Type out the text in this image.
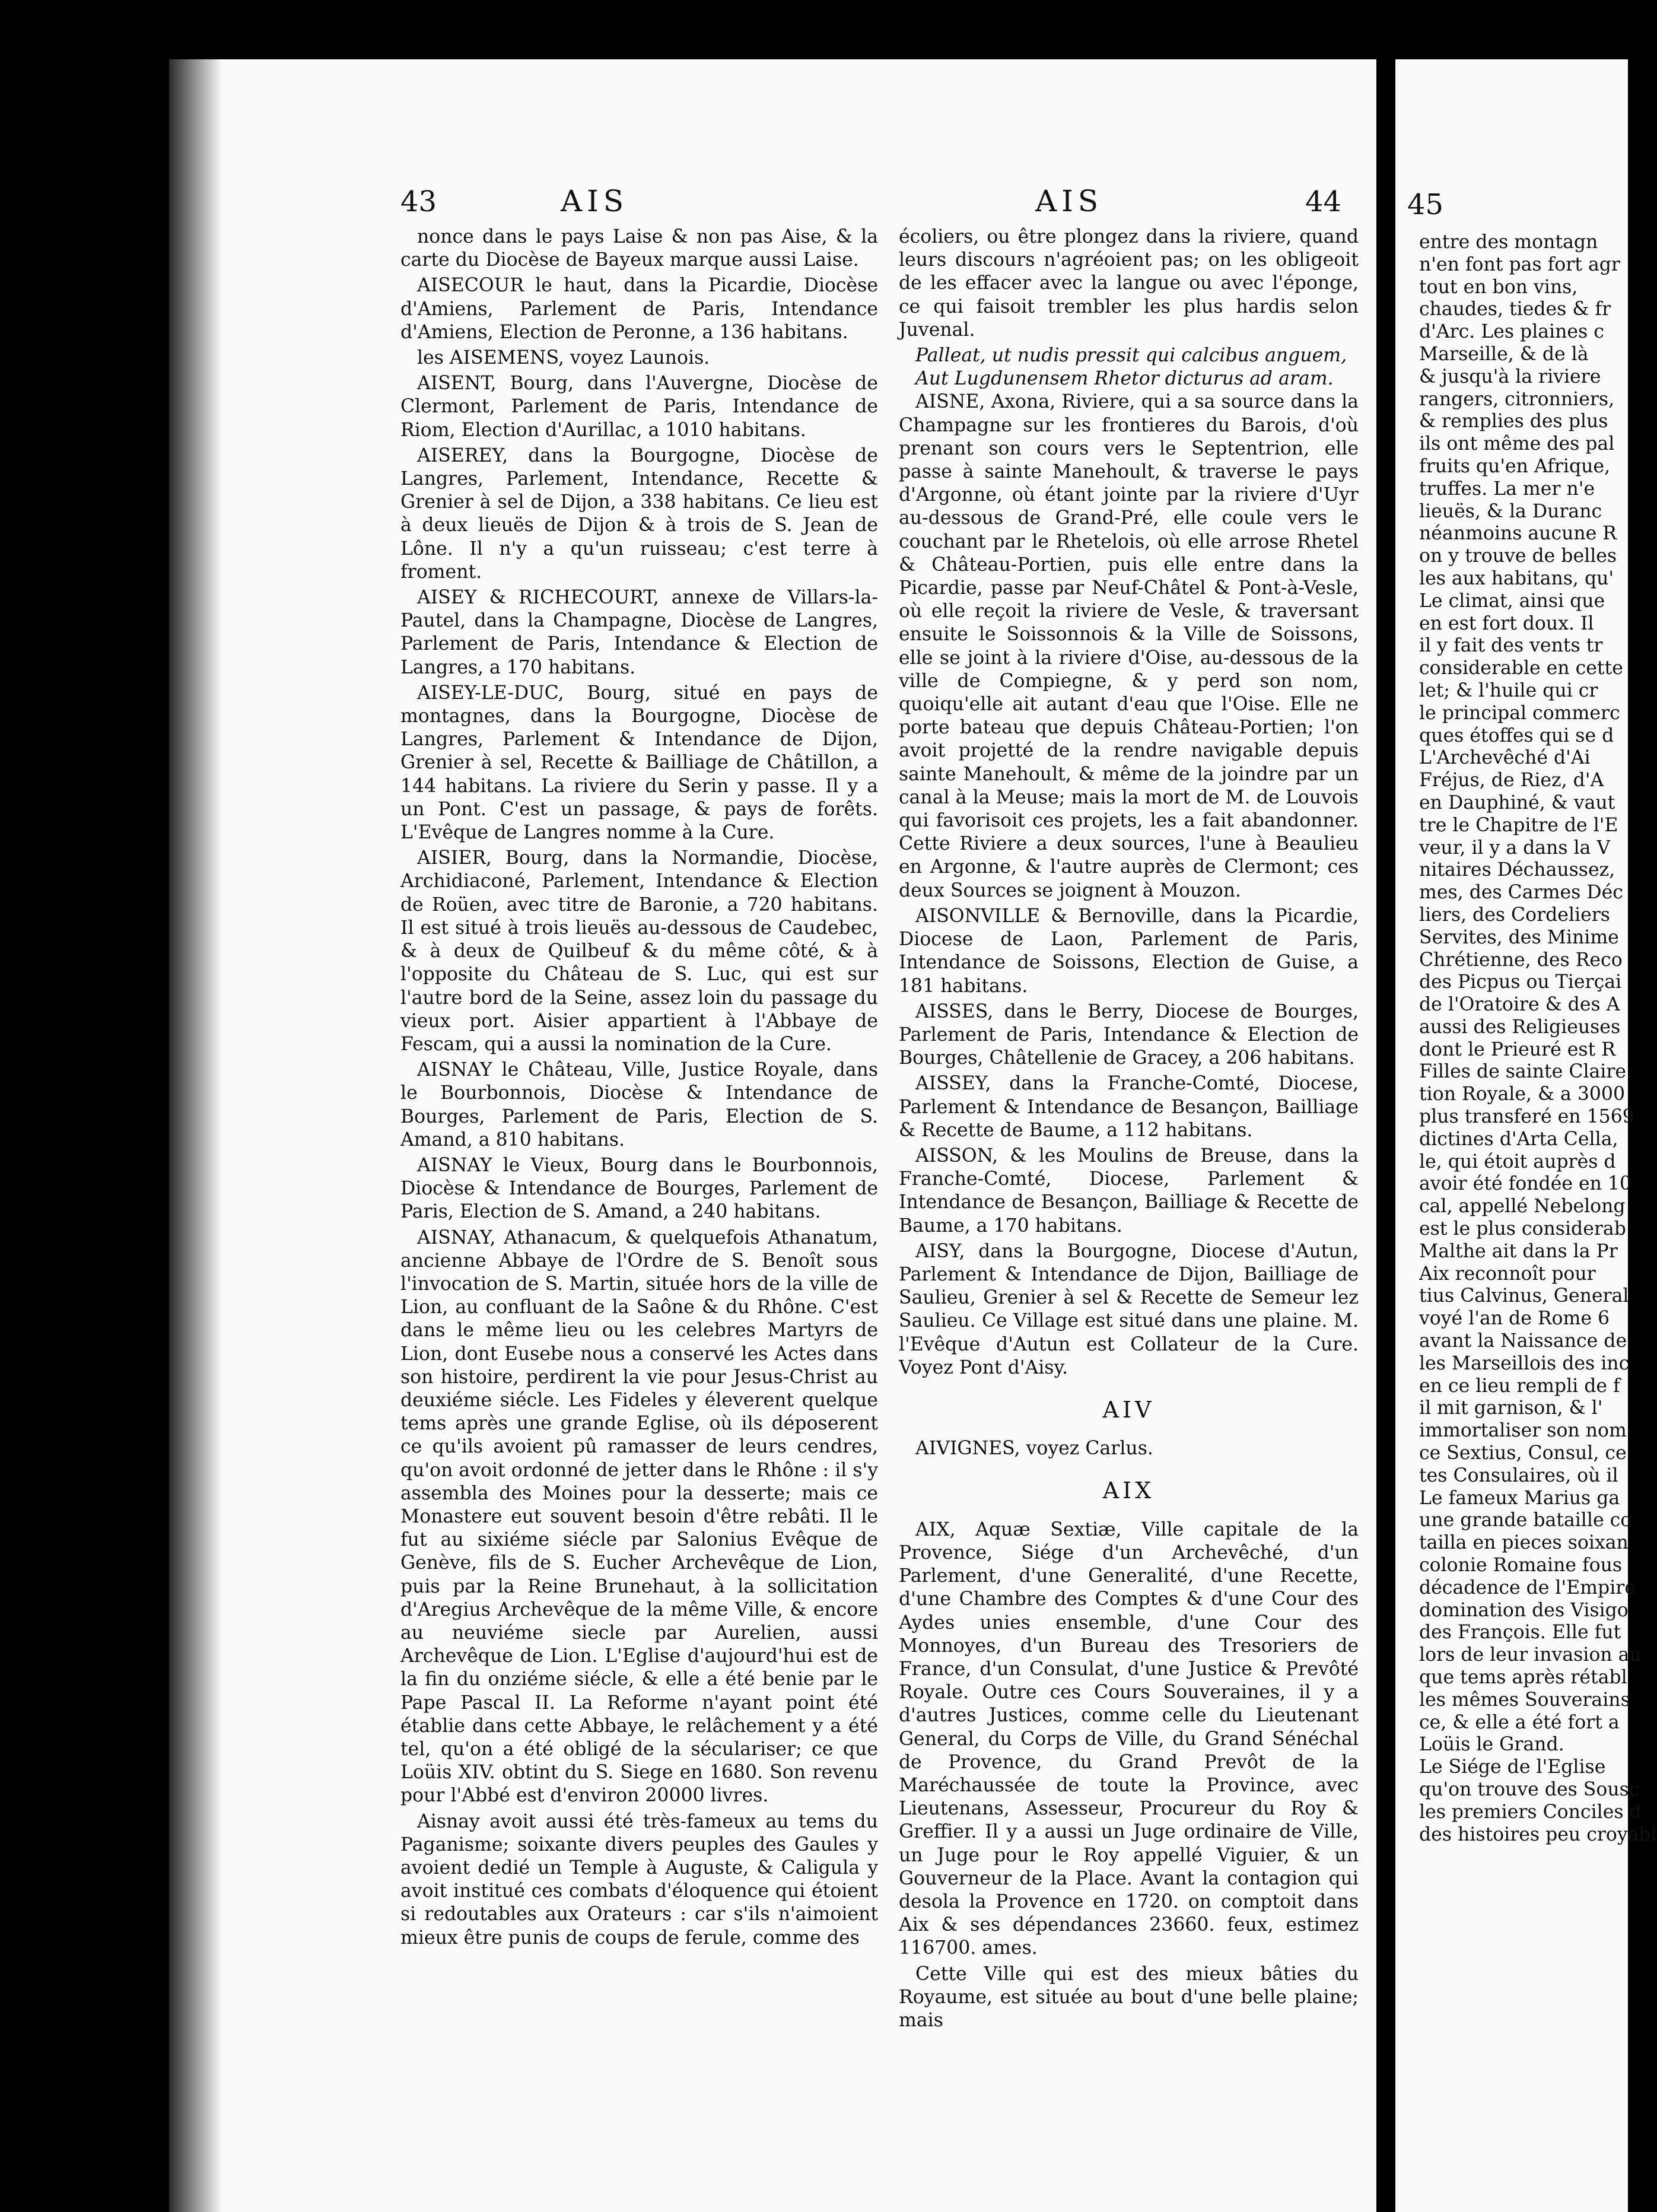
43	AIS	AIS	44

nonce dans le pays Laise & non pas Aise, & la carte du Diocèse de Bayeux marque aussi Laise.

AISECOUR le haut, dans la Picardie, Diocèse d'Amiens, Parlement de Paris, Intendance d'Amiens, Election de Peronne, a 136 habitans.

les AISEMENS, voyez Launois.

AISENT, Bourg, dans l'Auvergne, Diocèse de Clermont, Parlement de Paris, Intendance de Riom, Election d'Aurillac, a 1010 habitans.

AISEREY, dans la Bourgogne, Diocèse de Langres, Parlement, Intendance, Recette & Grenier à sel de Dijon, a 338 habitans. Ce lieu est à deux lieuës de Dijon & à trois de S. Jean de Lône. Il n'y a qu'un ruisseau; c'est terre à froment.

AISEY & RICHECOURT, annexe de Villars-la-Pautel, dans la Champagne, Diocèse de Langres, Parlement de Paris, Intendance & Election de Langres, a 170 habitans.

AISEY-LE-DUC, Bourg, situé en pays de montagnes, dans la Bourgogne, Diocèse de Langres, Parlement & Intendance de Dijon, Grenier à sel, Recette & Bailliage de Châtillon, a 144 habitans. La riviere du Serin y passe. Il y a un Pont. C'est un passage, & pays de forêts. L'Evêque de Langres nomme à la Cure.

AISIER, Bourg, dans la Normandie, Diocèse, Archidiaconé, Parlement, Intendance & Election de Roüen, avec titre de Baronie, a 720 habitans. Il est situé à trois lieuës au-dessous de Caudebec, & à deux de Quilbeuf & du même côté, & à l'opposite du Château de S. Luc, qui est sur l'autre bord de la Seine, assez loin du passage du vieux port. Aisier appartient à l'Abbaye de Fescam, qui a aussi la nomination de la Cure.

AISNAY le Château, Ville, Justice Royale, dans le Bourbonnois, Diocèse & Intendance de Bourges, Parlement de Paris, Election de S. Amand, a 810 habitans.

AISNAY le Vieux, Bourg dans le Bourbonnois, Diocèse & Intendance de Bourges, Parlement de Paris, Election de S. Amand, a 240 habitans.

AISNAY, Athanacum, & quelquefois Athanatum, ancienne Abbaye de l'Ordre de S. Benoît sous l'invocation de S. Martin, située hors de la ville de Lion, au confluant de la Saône & du Rhône. C'est dans le même lieu ou les celebres Martyrs de Lion, dont Eusebe nous a conservé les Actes dans son histoire, perdirent la vie pour Jesus-Christ au deuxiéme siécle. Les Fideles y éleverent quelque tems après une grande Eglise, où ils déposerent ce qu'ils avoient pû ramasser de leurs cendres, qu'on avoit ordonné de jetter dans le Rhône : il s'y assembla des Moines pour la desserte; mais ce Monastere eut souvent besoin d'être rebâti. Il le fut au sixiéme siécle par Salonius Evêque de Genève, fils de S. Eucher Archevêque de Lion, puis par la Reine Brunehaut, à la sollicitation d'Aregius Archevêque de la même Ville, & encore au neuviéme siecle par Aurelien, aussi Archevêque de Lion. L'Eglise d'aujourd'hui est de la fin du onziéme siécle, & elle a été benie par le Pape Pascal II. La Reforme n'ayant point été établie dans cette Abbaye, le relâchement y a été tel, qu'on a été obligé de la séculariser; ce que Loüis XIV. obtint du S. Siege en 1680. Son revenu pour l'Abbé est d'environ 20000 livres.

Aisnay avoit aussi été très-fameux au tems du Paganisme; soixante divers peuples des Gaules y avoient dedié un Temple à Auguste, & Caligula y avoit institué ces combats d'éloquence qui étoient si redoutables aux Orateurs : car s'ils n'aimoient mieux être punis de coups de ferule, comme des

écoliers, ou être plongez dans la riviere, quand leurs discours n'agréoient pas; on les obligeoit de les effacer avec la langue ou avec l'éponge, ce qui faisoit trembler les plus hardis selon Juvenal.

Palleat, ut nudis pressit qui calcibus anguem,

Aut Lugdunensem Rhetor dicturus ad aram.

AISNE, Axona, Riviere, qui a sa source dans la Champagne sur les frontieres du Barois, d'où prenant son cours vers le Septentrion, elle passe à sainte Manehoult, & traverse le pays d'Argonne, où étant jointe par la riviere d'Uyr au-dessous de Grand-Pré, elle coule vers le couchant par le Rhetelois, où elle arrose Rhetel & Château-Portien, puis elle entre dans la Picardie, passe par Neuf-Châtel & Pont-à-Vesle, où elle reçoit la riviere de Vesle, & traversant ensuite le Soissonnois & la Ville de Soissons, elle se joint à la riviere d'Oise, au-dessous de la ville de Compiegne, & y perd son nom, quoiqu'elle ait autant d'eau que l'Oise. Elle ne porte bateau que depuis Château-Portien; l'on avoit projetté de la rendre navigable depuis sainte Manehoult, & même de la joindre par un canal à la Meuse; mais la mort de M. de Louvois qui favorisoit ces projets, les a fait abandonner. Cette Riviere a deux sources, l'une à Beaulieu en Argonne, & l'autre auprès de Clermont; ces deux Sources se joignent à Mouzon.

AISONVILLE & Bernoville, dans la Picardie, Diocese de Laon, Parlement de Paris, Intendance de Soissons, Election de Guise, a 181 habitans.

AISSES, dans le Berry, Diocese de Bourges, Parlement de Paris, Intendance & Election de Bourges, Châtellenie de Gracey, a 206 habitans.

AISSEY, dans la Franche-Comté, Diocese, Parlement & Intendance de Besançon, Bailliage & Recette de Baume, a 112 habitans.

AISSON, & les Moulins de Breuse, dans la Franche-Comté, Diocese, Parlement & Intendance de Besançon, Bailliage & Recette de Baume, a 170 habitans.

AISY, dans la Bourgogne, Diocese d'Autun, Parlement & Intendance de Dijon, Bailliage de Saulieu, Grenier à sel & Recette de Semeur lez Saulieu. Ce Village est situé dans une plaine. M. l'Evêque d'Autun est Collateur de la Cure. Voyez Pont d'Aisy.

AIV

AIVIGNES, voyez Carlus.

AIX

AIX, Aquæ Sextiæ, Ville capitale de la Provence, Siége d'un Archevêché, d'un Parlement, d'une Generalité, d'une Recette, d'une Chambre des Comptes & d'une Cour des Aydes unies ensemble, d'une Cour des Monnoyes, d'un Bureau des Tresoriers de France, d'un Consulat, d'une Justice & Prevôté Royale. Outre ces Cours Souveraines, il y a d'autres Justices, comme celle du Lieutenant General, du Corps de Ville, du Grand Sénéchal de Provence, du Grand Prevôt de la Maréchaussée de toute la Province, avec Lieutenans, Assesseur, Procureur du Roy & Greffier. Il y a aussi un Juge ordinaire de Ville, un Juge pour le Roy appellé Viguier, & un Gouverneur de la Place. Avant la contagion qui desola la Provence en 1720. on comptoit dans Aix & ses dépendances 23660. feux, estimez 116700. ames.

Cette Ville qui est des mieux bâties du Royaume, est située au bout d'une belle plaine; mais

45

entre des montagn

n'en font pas fort agr

tout en bon vins,

chaudes, tiedes & fr

d'Arc. Les plaines c

Marseille, & de là

& jusqu'à la riviere

rangers, citronniers,

& remplies des plus

ils ont même des pal

fruits qu'en Afrique,

truffes. La mer n'e

lieuës, & la Duranc

néanmoins aucune R

on y trouve de belles

les aux habitans, qu'

Le climat, ainsi que

en est fort doux. Il

il y fait des vents tr

considerable en cette

let; & l'huile qui cr

le principal commerc

ques étoffes qui se d

L'Archevêché d'Ai

Fréjus, de Riez, d'A

en Dauphiné, & vaut

tre le Chapitre de l'E

veur, il y a dans la V

nitaires Déchaussez,

mes, des Carmes Déc

liers, des Cordeliers

Servites, des Minime

Chrétienne, des Reco

des Picpus ou Tierçai

de l'Oratoire & des A

aussi des Religieuses

dont le Prieuré est R

Filles de sainte Claire.

tion Royale, & a 3000

plus transferé en 1569

dictines d'Arta Cella,

le, qui étoit auprès d

avoir été fondée en 10

cal, appellé Nebelong

est le plus considerab

Malthe ait dans la Pr

Aix reconnoît pour

tius Calvinus, General

voyé l'an de Rome 6

avant la Naissance de

les Marseillois des inc

en ce lieu rempli de f

il mit garnison, & l'

immortaliser son nom

ce Sextius, Consul, ce

tes Consulaires, où il

Le fameux Marius ga

une grande bataille co

tailla en pieces soixan

colonie Romaine fous

décadence de l'Empire

domination des Visigo

des François. Elle fut

lors de leur invasion au

que tems après rétabl

les mêmes Souverains

ce, & elle a été fort a

Loüis le Grand.

Le Siége de l'Eglise

qu'on trouve des Sousc

les premiers Conciles d

des histoires peu croyabl
